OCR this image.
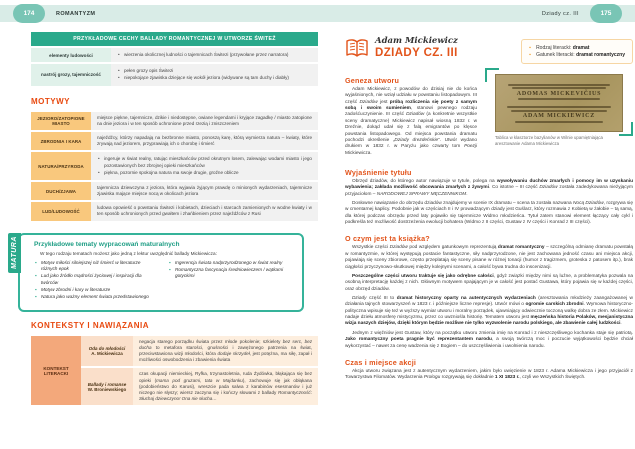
174	ROMANTYZM	Dziady cz. III	175
PRZYKŁADOWE CECHY BALLADY ROMANTYCZNEJ W UTWORZE ŚWITEŹ	
elementy ludowości	
•wierzenia okolicznej ludności o tajemnicach Świtezi (przywołane przez narratora)

nastrój grozy, tajemniczość	
• pełen grozy opis Świtezi
• niepokojące zjawiska dziejące się wokół jeziora (widywane są tam duchy i diabły)
MOTYWY
JEZIORO/ZATOPIONE MIASTO	miejsce piękne, tajemnicze, dzikie i niedostępne, owiane legendami i kryjące zagadkę / miasto zatopione na dnie jeziora i w ten sposób uchronione przed rzezią i zniszczeniem
ZBRODNIA I KARA	najeźdźcy, którzy napadają na bezbronne miasto, ponoszą karę, którą wymierza natura – kwiaty, które zrywają nad jeziorem, przyprawiają ich o chorobę i śmierć
NATURA/PRZYRODA	
• ingeruje w świat realny, ratując mieszkańców przed okrutnym losem, zalewając wodami miasto i jego pozostawionych bez zbrojnej opieki mieszkańców
• piękna, pozornie spokojna natura ma swoje drugie, groźne oblicze

DUCH/ZJAWA	tajemnicza dziewczyna z jeziora, która wyjawia żyjącym prawdę o minionych wydarzeniach, tajemnicze zjawiska mające miejsce nocą w okolicach jeziora
LUD/LUDOWOŚĆ	ludowa opowieść o powstaniu Świtezi i kobietach, dzieciach i starcach zamienionych w wodne kwiaty i w ten sposób uchronionych przed gwałtem i zhańbieniem przez najeźdźców z Rusi
MATURA Przykładowe tematy wypracowań maturalnych

W tego rodzaju tematach możesz jako jedną z lektur uwzględnić ballady Mickiewicza:

▪ Motyw miłości silniejszej niż śmierć w literaturze różnych epok
▪ Lud jako źródło mądrości życiowej i inspiracji dla twórców
▪ Motyw zbrodni i kary w literaturze
▪ Natura jako ważny element świata przedstawionego
▪ Ingerencja świata nadprzyrodzonego w świat realny
▪ Romantyczna fascynacja średniowieczem / wątkami gotyckimi
KONTEKSTY I NAWIĄZANIA
KONTEKST LITERACKI	Oda do młodości
A. Mickiewicza	negacja starego porządku świata przez młode pokolenie; szkielety bez serc, bez ducha to metafora starości, gnuśności i zawężonego patrzenia na świat, przeciwstawiona wizji młodości, która dodaje skrzydeł, jest potężna, ma siłę, zapał i możliwości oswobodzenia i zbawienia świata

	Ballady i romanse
W. Broniewskiego	czas okupacji niemieckiej, Ryfka, trzynastoletnia, ruda Żydówka, błąkająca się bez opieki (mama pod gruzami, tata w Majdanku), zachowuje się jak obłąkana (podobieństwo do Karusi), wreszcie pada salwa z karabinów esesmanów i już niczego nie słyszy; wiersz zaczyna się i kończy słowami z ballady Romantyczność: Słuchaj dziewczyno! Ona nie słucha…

Adam Mickiewicz

DZIADY CZ. III	▪ Rodzaj literacki: dramat
▪ Gatunek literacki: dramat romantyczny
Geneza utworu

Adam Mickiewicz, z powodów do dzisiaj nie do końca wyjaśnionych, nie wziął udziału w powstaniu listopadowym. III część Dziadów jest próbą rozliczenia się poety z samym sobą i swoim sumieniem, stanowi pewnego rodzaju zadośćuczynienie. III część Dziadów (a konkretnie wszystkie sceny dramatyczne) Mickiewicz napisał wiosną 1832 r. w Dreźnie, dokąd udał się z falą emigrantów po klęsce powstania listopadowego. Od miejsca powstania dramatu pochodzi określenie „Dziady drezdeńskie”. Utwór wydano drukiem w 1832 r. w Paryżu jako czwarty tom Poezji Mickiewicza.

ADOMAS MICKEVIČIUS
ADAM MICKIEWICZ
Tablica w klasztorze bazylianów w Wilnie upamiętniająca aresztowanie Adama Mickiewicza
Wyjaśnienie tytułu

Obrzęd dziadów, do którego autor nawiązuje w tytule, polega na wywoływaniu duchów zmarłych i pomocy im w uzyskaniu wybawienia; zakłada możliwość obcowania zmarłych z żywymi. Co istotne – III część Dziadów została zadedykowana nieżyjącym przyjaciołom – NARODOWEJ SPRAWY MĘCZENNIKOM.

Dosłowne nawiązanie do obrzędu dziadów znajdujemy w scenie IX dramatu – scena ta została nazwana Nocą Dziadów, rozgrywa się w cmentarnej kaplicy. Podobnie jak w częściach II i IV prowadzącym dziady jest Guślarz, który rozmawia z Kobietą w żałobie – tą samą, dla której podczas obrzędu przed laty pojawiło się tajemnicze Widmo młodzieńca. Tytuł zatem stanowi element łączący cały cykl i podkreśla też możliwość dostrzeżenia ewolucji bohatera (Widmo z II części, Gustaw z IV części i Konrad z III części).

O czym jest ta książka?

Wszystkie części Dziadów pod względem gatunkowym reprezentują dramat romantyczny – szczególną odmianę dramatu powstałą w romantyzmie, w której występują postacie fantastyczne, siły nadprzyrodzone, nie jest zachowana jedność czasu ani miejsca akcji, pojawiają się sceny zbiorowe, często przeplatają się sceny pisane w różnej tonacji (humor z tragizmem, groteska z patosem itp.), brak ciągłości przyczynowo-skutkowej między kolejnymi scenami, a całość bywa trudna do inscenizacji.

Poszczególne części utworu traktuje się jako odrębne całości, gdyż związki między nimi są luźne, a problematyka pozwala na osobną interpretację każdej z nich. Głównym motywem spajającym je w całość jest postać Gustawa, który pojawia się w każdej części, oraz obrzęd dziadów.

Dziady część III to dramat historyczny oparty na autentycznych wydarzeniach (aresztowania młodzieży zaangażowanej w działania tajnych stowarzyszeń w 1823 r. i późniejsze liczne represje). Utwór mówi o ogromie carskich zbrodni. Wymowa historyczno-polityczna wpisuje się też w wyższy wymiar utworu i moralny porządek, ujawniający odwiecznie toczoną walkę dobra ze złem. Mickiewicz nadaje dziełu atmosferę mistycyzmu, przez co uwzniośla historię. Tematem utworu jest męczeńska historia Polaków, mesjanistyczna wizja naszych dziejów, dzięki którym będzie możliwe nie tylko wyzwolenie narodu polskiego, ale zbawienie całej ludzkości.

Jednym z więźniów jest Gustaw, który na początku utworu zmienia imię na Konrad i z nieszczęśliwego kochanka staje się patriotą. Jako romantyczny poeta pragnie być reprezentantem narodu, a swoją twórczą moc i poczucie wyjątkowości będzie chciał wykorzystać – nawet za cenę wadzenia się z Bogiem – do uszczęśliwienia i uwolnienia narodu.

Czas i miejsce akcji

Akcja utworu związana jest z autentycznym wydarzeniem, jakim było uwięzienie w 1823 r. Adama Mickiewicza i jego przyjaciół z Towarzystwa Filomatów. Wydarzenia Prologu rozgrywają się dokładnie 1 XI 1823 r., czyli we Wszystkich Świętych.
